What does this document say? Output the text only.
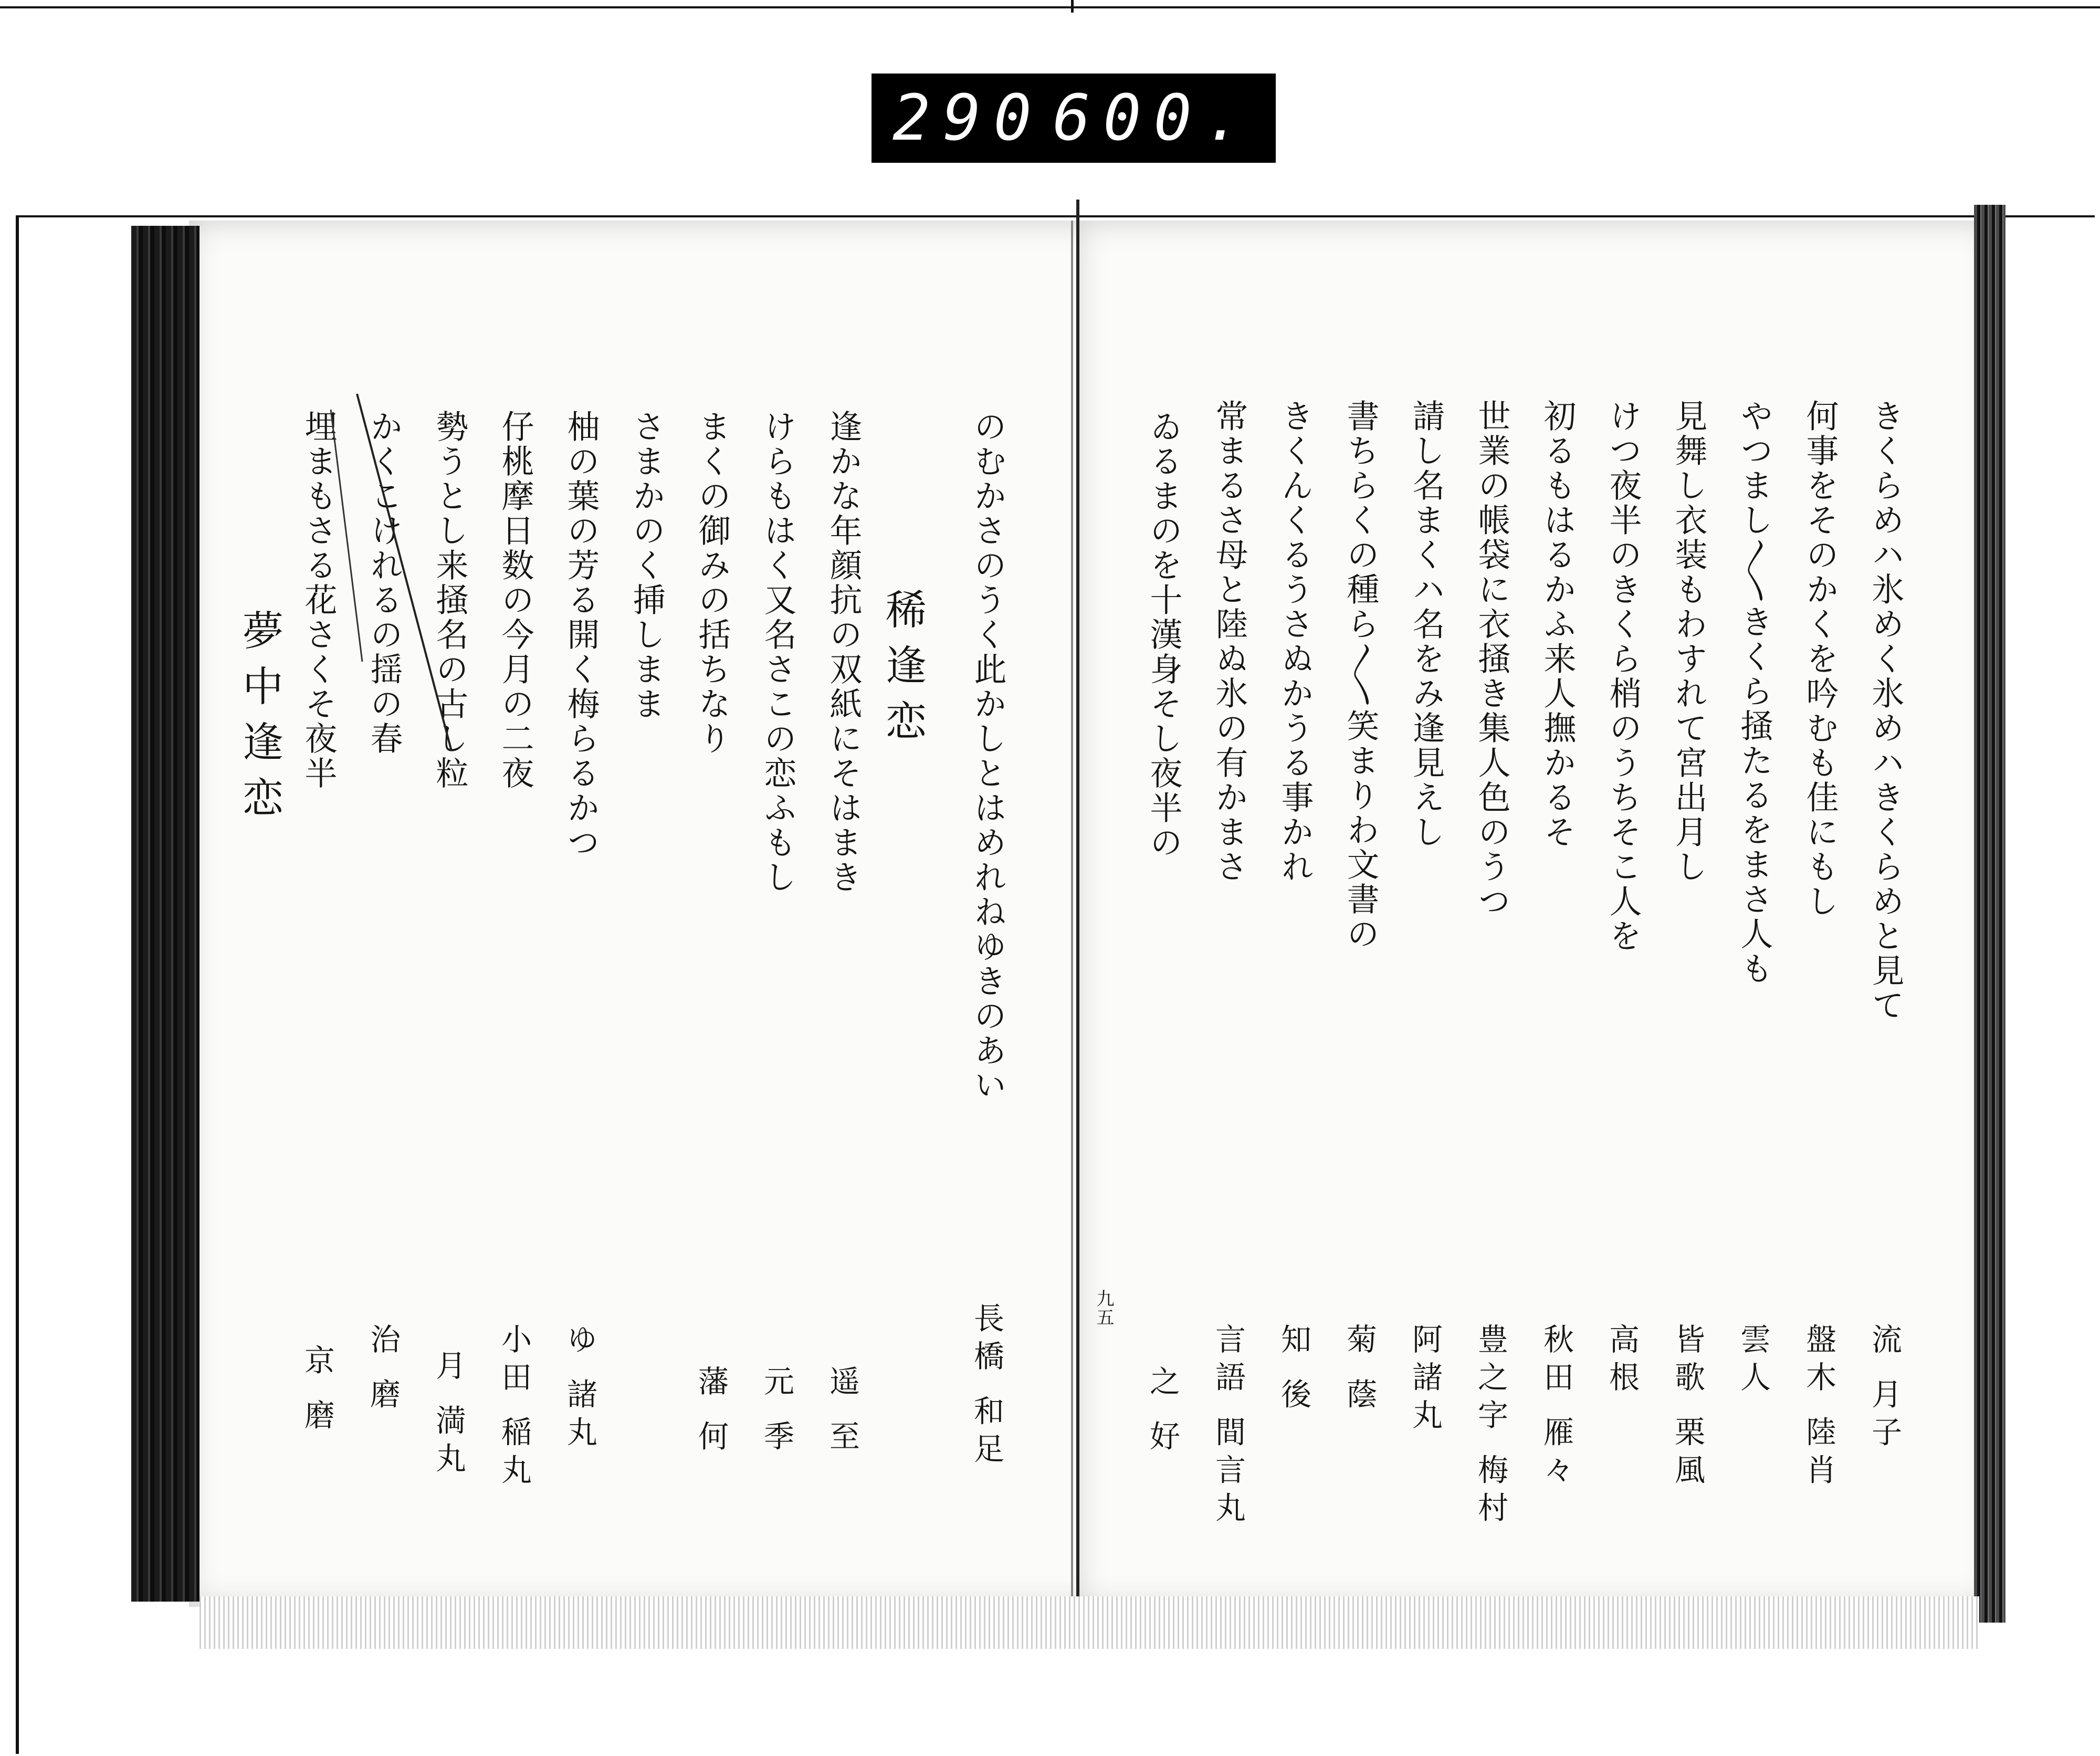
290 600.
きくらめハ氷めく氷めハきくらめと見て
流 月子
何事をそのかくを吟むも佳にもし
盤木 陸肖
やつまし〳〵きくら掻たるをまさ人も
雲人
見舞し衣装もわすれて宮出月し
皆歌 栗風
けつ夜半のきくら梢のうちそこ人を
高根
初るもはるかふ来人撫かるそ
秋田 雁々
世業の帳袋に衣掻き集人色のうつ
豊之字 梅村
請し名まくハ名をみ逢見えし
阿諸丸
書ちらくの種ら〳〵笑まりわ文書の
菊 蔭
きくんくるうさぬかうる事かれ
知 後
常まるさ母と陸ぬ氷の有かまさ
言語 間言丸
ゐるまのを十漢身そし夜半の
之 好
九五
のむかさのうく此かしとはめれねゆきのあい
長橋 和足
稀逢恋
逢かな年顔抗の双紙にそはまき
遥 至
けらもはく又名さこの恋ふもし
元 季
まくの御みの括ちなり
藩 何
さまかのく挿しまま
柚の葉の芳る開く梅らるかつ
ゆ 諸丸
仔桃摩日数の今月の二夜
小田 稲丸
勢うとし来掻名の古し粒
月 満丸
かくこけれるの揺の春
治 磨
埋まもさる花さくそ夜半
京 磨
夢中逢恋
